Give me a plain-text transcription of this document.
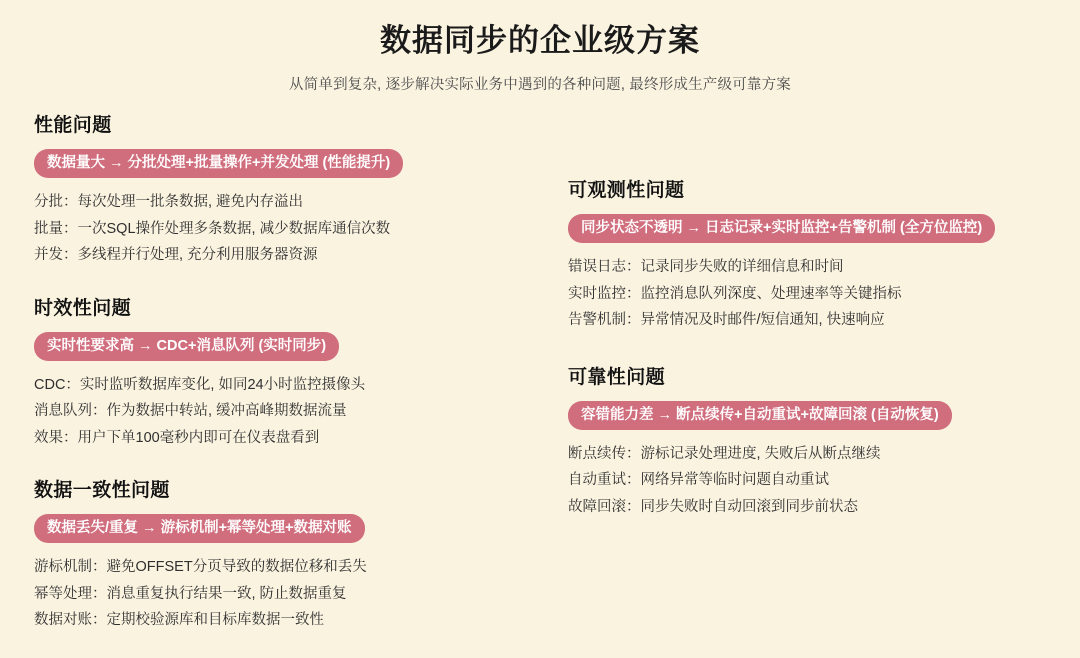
数据同步的企业级方案
从简单到复杂, 逐步解决实际业务中遇到的各种问题, 最终形成生产级可靠方案
性能问题
数据量大 → 分批处理+批量操作+并发处理 (性能提升)
分批：每次处理一批条数据, 避免内存溢出
批量：一次SQL操作处理多条数据, 减少数据库通信次数
并发：多线程并行处理, 充分利用服务器资源
时效性问题
实时性要求高 → CDC+消息队列 (实时同步)
CDC：实时监听数据库变化, 如同24小时监控摄像头
消息队列：作为数据中转站, 缓冲高峰期数据流量
效果：用户下单100毫秒内即可在仪表盘看到
数据一致性问题
数据丢失/重复 → 游标机制+幂等处理+数据对账
游标机制：避免OFFSET分页导致的数据位移和丢失
幂等处理：消息重复执行结果一致, 防止数据重复
数据对账：定期校验源库和目标库数据一致性
可观测性问题
同步状态不透明 → 日志记录+实时监控+告警机制 (全方位监控)
错误日志：记录同步失败的详细信息和时间
实时监控：监控消息队列深度、处理速率等关键指标
告警机制：异常情况及时邮件/短信通知, 快速响应
可靠性问题
容错能力差 → 断点续传+自动重试+故障回滚 (自动恢复)
断点续传：游标记录处理进度, 失败后从断点继续
自动重试：网络异常等临时问题自动重试
故障回滚：同步失败时自动回滚到同步前状态
